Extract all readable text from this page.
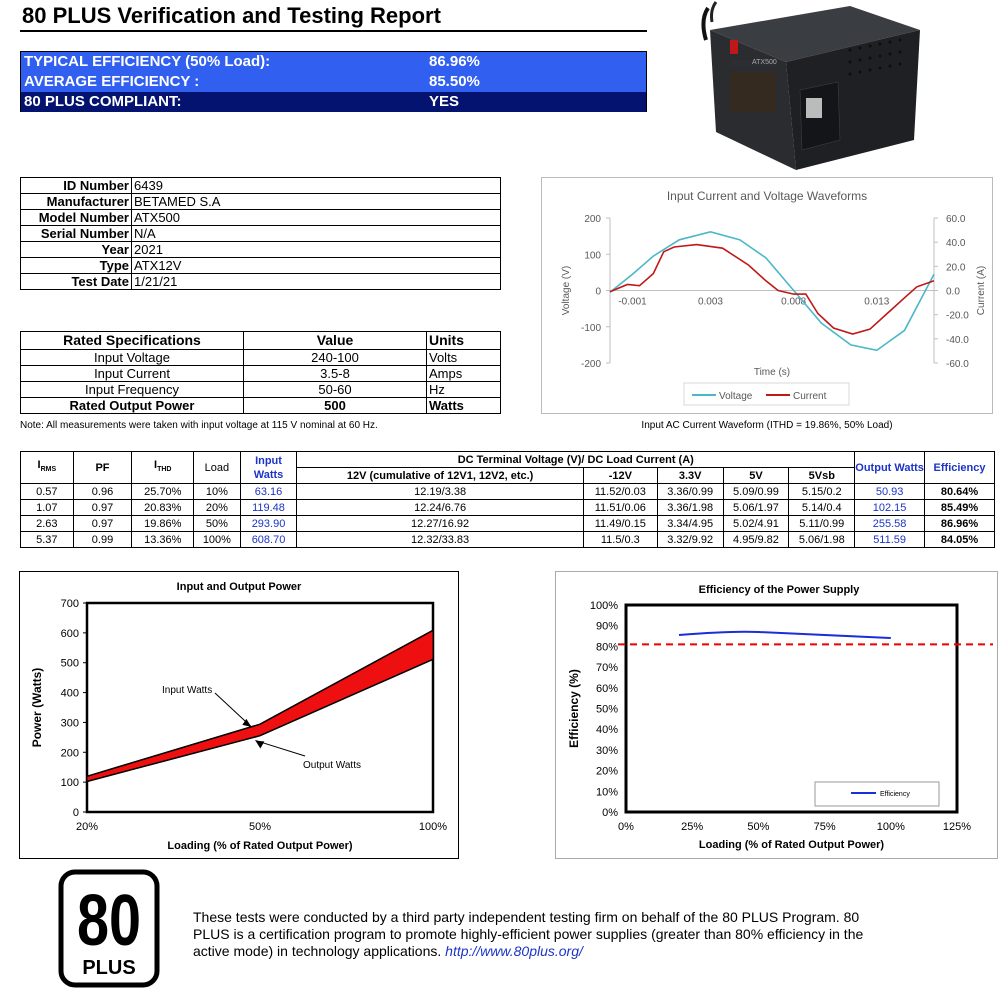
80 PLUS Verification and Testing Report
TYPICAL EFFICIENCY (50% Load):	86.96%
AVERAGE EFFICIENCY :	85.50%
80 PLUS COMPLIANT:	YES
ATX500
ID Number	6439
Manufacturer	BETAMED S.A
Model Number	ATX500
Serial Number	N/A
Year	2021
Type	ATX12V
Test Date	1/21/21
Rated Specifications	Value	Units
Input Voltage	240-100	Volts
Input Current	3.5-8	Amps
Input Frequency	50-60	Hz
Rated Output Power	500	Watts
Note: All measurements were taken with input voltage at 115 V nominal at 60 Hz.
Input Current and Voltage Waveforms
200
100
0
-100
-200
60.0
40.0
20.0
0.0
-20.0
-40.0
-60.0
-0.001	0.003	0.008	0.013
Time (s)
Voltage (V)	Current (A)
Voltage	Current
Input AC Current Waveform (ITHD = 19.86%, 50% Load)
$I_{RMS}$	PF	$I_{THD}$	Load	Input Watts	DC Terminal Voltage (V)/ DC Load Current (A)					Output Watts	Efficiency
					12V (cumulative of 12V1, 12V2, etc.)	-12V	3.3V	5V	5Vsb		
0.57	0.96	25.70%	10%	63.16	12.19/3.38	11.52/0.03	3.36/0.99	5.09/0.99	5.15/0.2	50.93	80.64%
1.07	0.97	20.83%	20%	119.48	12.24/6.76	11.51/0.06	3.36/1.98	5.06/1.97	5.14/0.4	102.15	85.49%
2.63	0.97	19.86%	50%	293.90	12.27/16.92	11.49/0.15	3.34/4.95	5.02/4.91	5.11/0.99	255.58	86.96%
5.37	0.99	13.36%	100%	608.70	12.32/33.83	11.5/0.3	3.32/9.92	4.95/9.82	5.06/1.98	511.59	84.05%
Input and Output Power
0
100
200
300
400
500
600
700
20%	50%	100%
Loading (% of Rated Output Power)
Power (Watts)	Input Watts
Output Watts
Efficiency of the Power Supply
0%
10%
20%
30%
40%
50%
60%
70%
80%
90%
100%
0%	25%	50%	75%	100%	125%
Loading (% of Rated Output Power)
Efficiency (%)
Efficiency
80
PLUS
These tests were conducted by a third party independent testing firm on behalf of the 80 PLUS Program. 80 PLUS is a certification program to promote highly-efficient power supplies (greater than 80% efficiency in the active mode) in technology applications. http://www.80plus.org/
